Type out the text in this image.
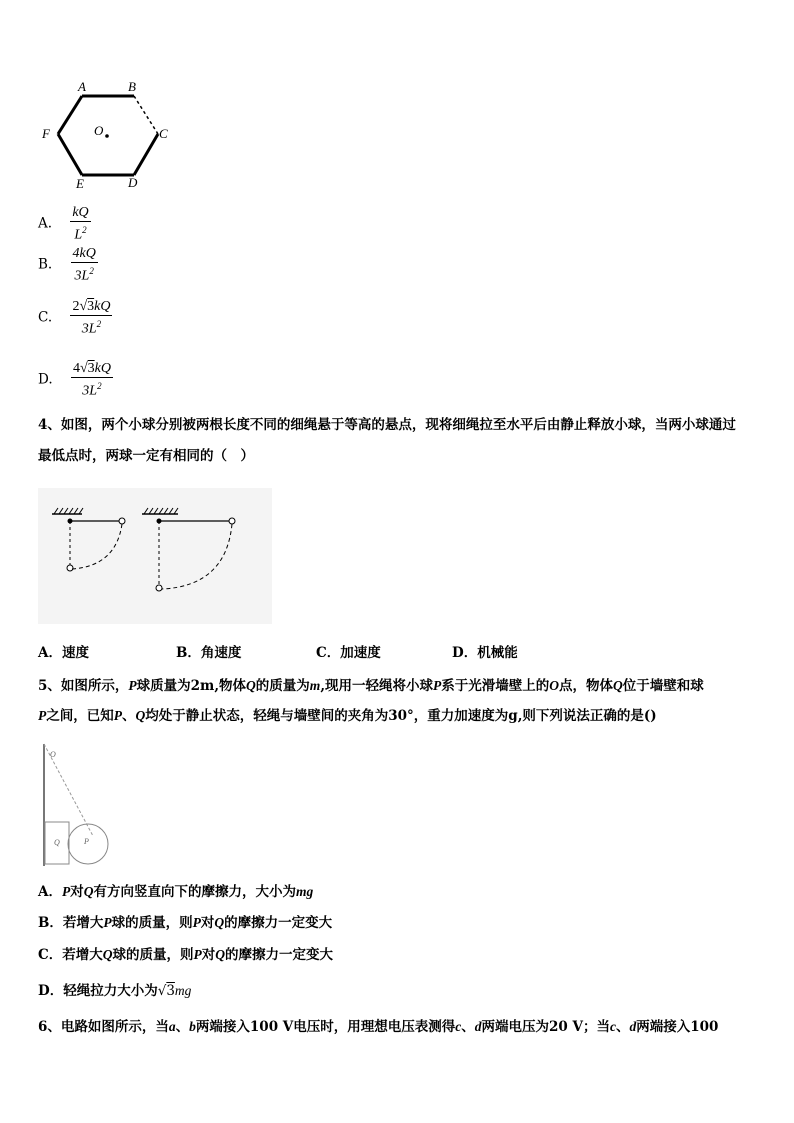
A	B
C
D
E
F	O
A. $\frac{kQ}{L^2}$
B. $\frac{4kQ}{3L^2}$
C. $\frac{2√3kQ}{3L^2}$
D. $\frac{4√3kQ}{3L^2}$
4、如图，两个小球分别被两根长度不同的细绳悬于等高的悬点，现将细绳拉至水平后由静止释放小球，当两小球通过
最低点时，两球一定有相同的（　）
A．速度	B．角速度	C．加速度	D．机械能
5、如图所示，P球质量为2m,物体Q的质量为m,现用一轻绳将小球P系于光滑墙壁上的O点，物体Q位于墙壁和球
P之间，已知P、Q均处于静止状态，轻绳与墙壁间的夹角为30°，重力加速度为g,则下列说法正确的是()
O
Q	P
A．P对Q有方向竖直向下的摩擦力，大小为mg
B．若增大P球的质量，则P对Q的摩擦力一定变大
C．若增大Q球的质量，则P对Q的摩擦力一定变大
D．轻绳拉力大小为√3mg
6、电路如图所示，当a、b两端接入100 V电压时，用理想电压表测得c、d两端电压为20 V；当c、d两端接入100
